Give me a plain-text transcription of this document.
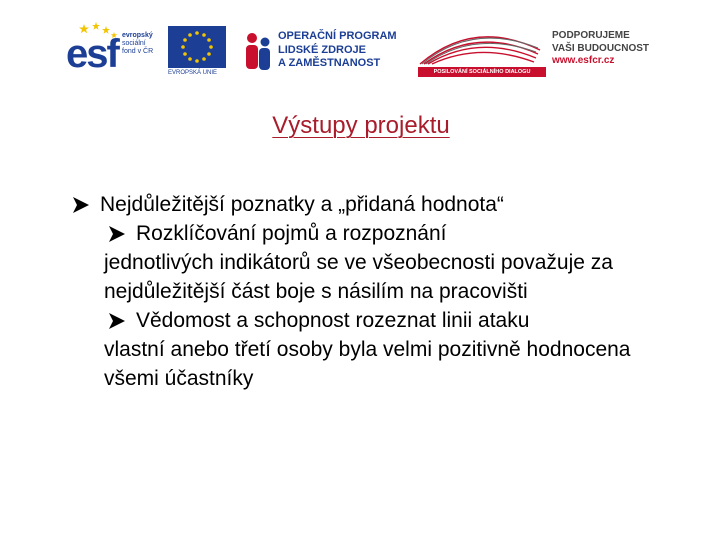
esf evropský
sociální
fond v ČR
EVROPSKÁ UNIE
OPERAČNÍ PROGRAM
LIDSKÉ ZDROJE
A ZAMĚSTNANOST
POSILOVÁNÍ SOCIÁLNÍHO DIALOGU
PODPORUJEME
VAŠI BUDOUCNOST
www.esfcr.cz
Výstupy projektu
Nejdůležitější poznatky a „přidaná hodnota“
Rozklíčování pojmů a rozpoznání
jednotlivých indikátorů se ve všeobecnosti považuje za nejdůležitější část boje s násilím na pracovišti
Vědomost a schopnost rozeznat linii ataku
vlastní anebo třetí osoby byla velmi pozitivně hodnocena všemi účastníky
